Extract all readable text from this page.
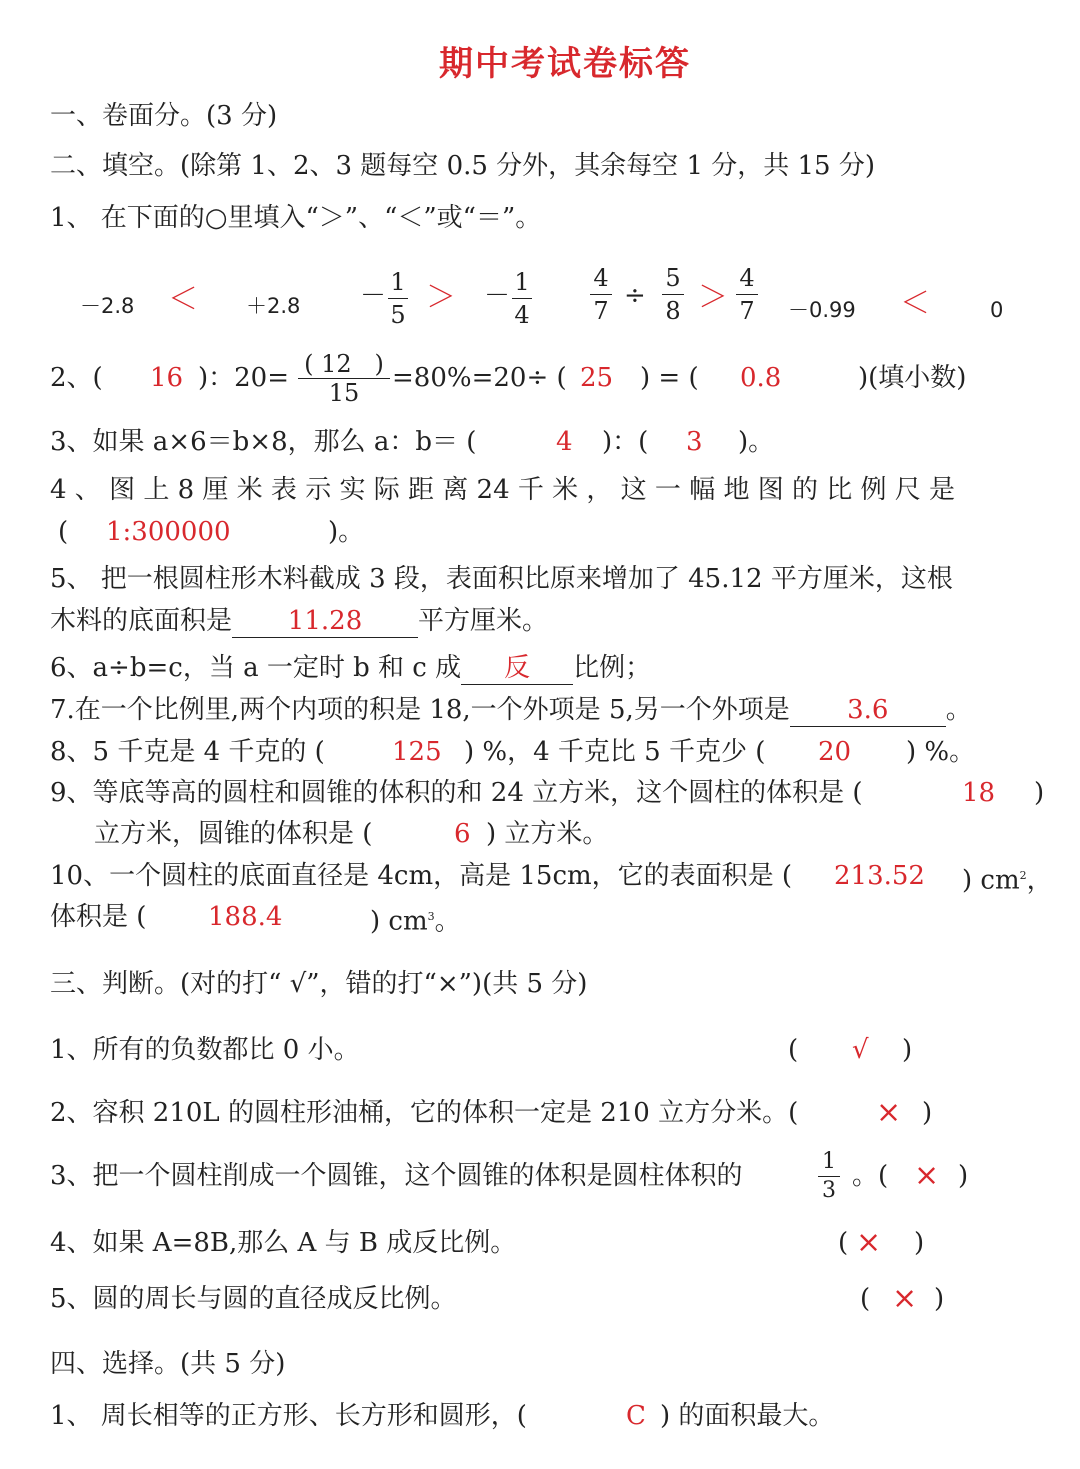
期中考试卷标答
一、卷面分。(3 分)
二、填空。(除第 1、2、3 题每空 0.5 分外，其余每空 1 分，共 15 分)
1、 在下面的○里填入“＞”、“＜”或“＝”。
－2.8 ＜ ＋2.8 － 1
5 ＞ － 1
4
4
7 ÷
5
8 ＞
4
7 －0.99 ＜	0
2、( 16 )：20= ( 12 )
15	=80%=20÷ ( 25 ) = ( 0.8	)(填小数)
3、如果 a×6＝b×8，那么 a：b＝ (	4 )：( 3 )。
4 、 图 上 8 厘 米 表 示 实 际 距 离 24 千 米 ， 这 一 幅 地 图 的 比 例 尺 是
( 1:300000	)。
5、 把一根圆柱形木料截成 3 段，表面积比原来增加了 45.12 平方厘米，这根
木料的底面积是 11.28 平方厘米。
6、a÷b=c，当 a 一定时 b 和 c 成 反 比例；
7.在一个比例里,两个内项的积是 18,一个外项是 5,另一个外项是 3.6 。
8、5 千克是 4 千克的 (	125 ) %，4 千克比 5 千克少 ( 20 ) %。
9、等底等高的圆柱和圆锥的体积的和 24 立方米，这个圆柱的体积是 (	18 )
立方米，圆锥的体积是 (	6 ) 立方米。
10、一个圆柱的底面直径是 4cm，高是 15cm，它的表面积是 ( 213.52 ) $cm^2$，
体积是 ( 188.4	) $cm^3$。
三、判断。(对的打“ √”，错的打“×”)(共 5 分)
1、所有的负数都比 0 小。	( √ )
2、容积 210L 的圆柱形油桶，它的体积一定是 210 立方分米。(	× )
3、把一个圆柱削成一个圆锥，这个圆锥的体积是圆柱体积的	1
3 。( × )
4、如果 A=8B,那么 A 与 B 成反比例。	( × )
5、圆的周长与圆的直径成反比例。	( × )
四、选择。(共 5 分)
1、 周长相等的正方形、长方形和圆形，(	C ) 的面积最大。
